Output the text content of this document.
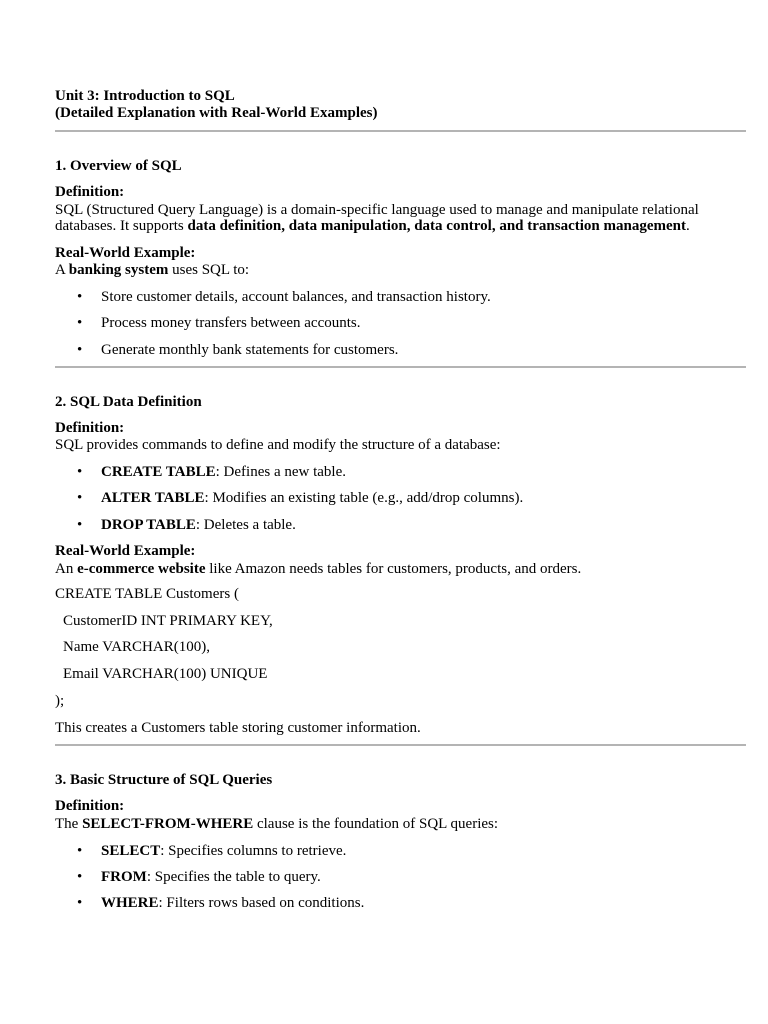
Unit 3: Introduction to SQL
(Detailed Explanation with Real-World Examples)
1. Overview of SQL
Definition:
SQL (Structured Query Language) is a domain-specific language used to manage and manipulate relational
databases. It supports data definition, data manipulation, data control, and transaction management.
Real-World Example:
A banking system uses SQL to:
• Store customer details, account balances, and transaction history.
• Process money transfers between accounts.
• Generate monthly bank statements for customers.
2. SQL Data Definition
Definition:
SQL provides commands to define and modify the structure of a database:
• CREATE TABLE: Defines a new table.
• ALTER TABLE: Modifies an existing table (e.g., add/drop columns).
• DROP TABLE: Deletes a table.
Real-World Example:
An e-commerce website like Amazon needs tables for customers, products, and orders.
CREATE TABLE Customers (
CustomerID INT PRIMARY KEY,
Name VARCHAR(100),
Email VARCHAR(100) UNIQUE
);
This creates a Customers table storing customer information.
3. Basic Structure of SQL Queries
Definition:
The SELECT-FROM-WHERE clause is the foundation of SQL queries:
• SELECT: Specifies columns to retrieve.
• FROM: Specifies the table to query.
• WHERE: Filters rows based on conditions.
